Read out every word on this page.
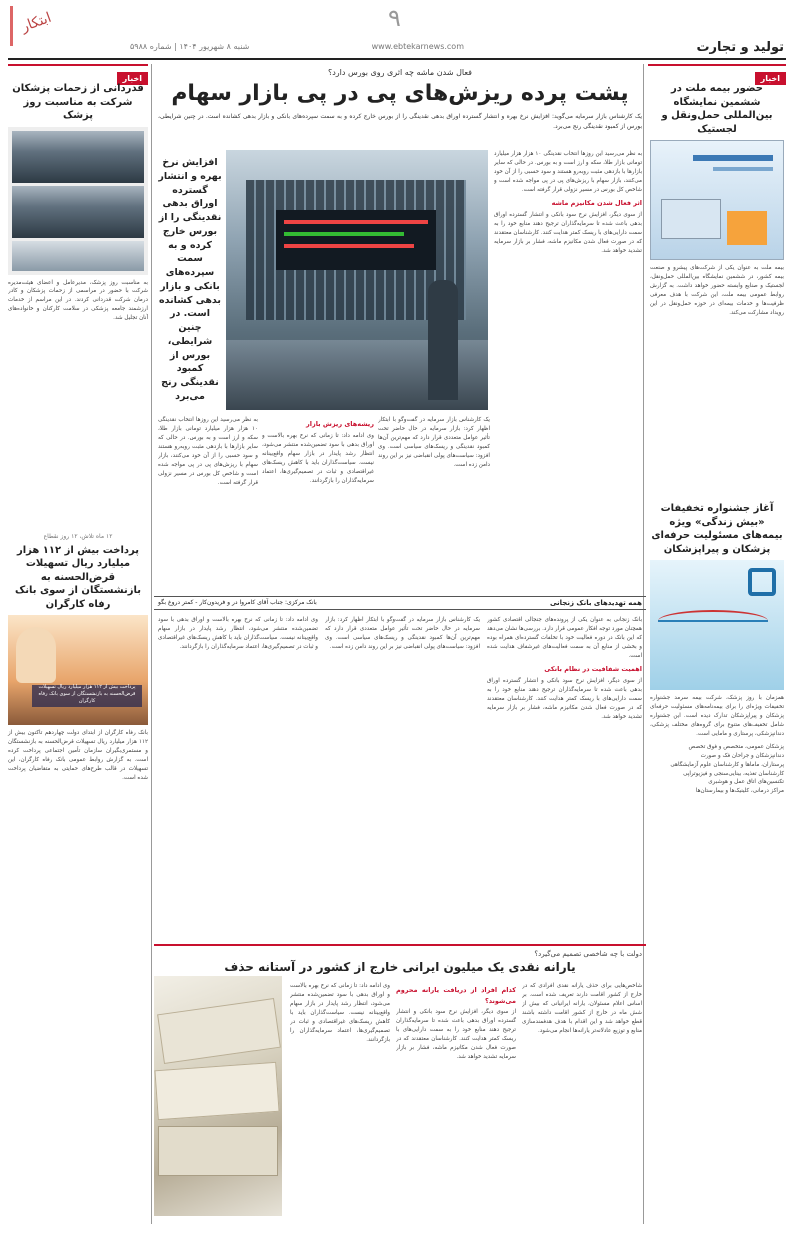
تولید و تجارت
۹
www.ebtekarnews.com
شنبه ۸ شهریور ۱۴۰۴ | شماره ۵۹۸۸
ابتکار
اخبار
حضور بیمه ملت در ششمین نمایشگاه بین‌المللی حمل‌ونقل و لجستیک
بیمه ملت به عنوان یکی از شرکت‌های پیشرو و صنعت بیمه کشور، در ششمین نمایشگاه بین‌المللی حمل‌ونقل، لجستیک و صنایع وابسته حضور خواهد داشت. به گزارش روابط عمومی بیمه ملت، این شرکت با هدف معرفی ظرفیت‌ها و خدمات بیمه‌ای در حوزه حمل‌ونقل در این رویداد مشارکت می‌کند.
آغاز جشنواره تخفیفات «بیش زندگی» ویژه بیمه‌های مسئولیت حرفه‌ای پزشکان و پیراپزشکان
همزمان با روز پزشک، شرکت بیمه سرمد جشنواره تخفیفات ویژه‌ای را برای بیمه‌نامه‌های مسئولیت حرفه‌ای پزشکان و پیراپزشکان تدارک دیده است. این جشنواره شامل تخفیف‌های متنوع برای گروه‌های مختلف پزشکی، دندانپزشکی، پرستاری و مامایی است.
پزشکان عمومی، متخصص و فوق تخصص
دندانپزشکان و جراحان فک و صورت
پرستاران، ماماها و کارشناسان علوم آزمایشگاهی
کارشناسان تغذیه، بینایی‌سنجی و فیزیوتراپی
تکنسین‌های اتاق عمل و هوشبری
مراکز درمانی، کلینیک‌ها و بیمارستان‌ها
اخبار
قدردانی از زحمات پزشکان شرکت به مناسبت روز پزشک
به مناسبت روز پزشک، مدیرعامل و اعضای هیئت‌مدیره شرکت با حضور در مراسمی از زحمات پزشکان و کادر درمان شرکت قدردانی کردند. در این مراسم از خدمات ارزشمند جامعه پزشکی در سلامت کارکنان و خانواده‌های آنان تجلیل شد.
۱۲ ماه تلاش، ۱۲ روز نقطاع
پرداخت بیش از ۱۱۲ هزار میلیارد ریال تسهیلات قرض‌الحسنه به بازنشستگان از سوی بانک رفاه کارگران
پرداخت بیش از ۱۱۲ هزار میلیارد ریال تسهیلات قرض‌الحسنه به بازنشستگان از سوی بانک رفاه کارگران
بانک رفاه کارگران از ابتدای دولت چهاردهم تاکنون بیش از ۱۱۲ هزار میلیارد ریال تسهیلات قرض‌الحسنه به بازنشستگان و مستمری‌بگیران سازمان تأمین اجتماعی پرداخت کرده است. به گزارش روابط عمومی بانک رفاه کارگران، این تسهیلات در قالب طرح‌های حمایتی به متقاضیان پرداخت شده است.
فعال شدن ماشه چه اثری روی بورس دارد؟
پشت پرده ریزش‌های پی در پی بازار سهام
یک کارشناس بازار سرمایه می‌گوید: افزایش نرخ بهره و انتشار گسترده اوراق بدهی نقدینگی را از بورس خارج کرده و به سمت سپرده‌های بانکی و بازار بدهی کشانده است. در چنین شرایطی، بورس از کمبود نقدینگی رنج می‌برد.
به نظر می‌رسید این روزها انتخاب نقدینگی ۱۰ هزار هزار میلیارد تومانی بازار طلا، سکه و ارز است و به بورس. در حالی که سایر بازارها با بازدهی مثبت روبه‌رو هستند و سود حسبی را از آن خود می‌کنند، بازار سهام با ریزش‌های پی در پی مواجه شده است و شاخص کل بورس در مسیر نزولی قرار گرفته است.
اثر فعال شدن مکانیزم ماشه
از سوی دیگر، افزایش نرخ سود بانکی و انتشار گسترده اوراق بدهی باعث شده تا سرمایه‌گذاران ترجیح دهند منابع خود را به سمت دارایی‌های با ریسک کمتر هدایت کنند. کارشناسان معتقدند که در صورت فعال شدن مکانیزم ماشه، فشار بر بازار سرمایه تشدید خواهد شد.
افزایش نرخ بهره و انتشار گسترده اوراق بدهی نقدینگی را از بورس خارج کرده و به سمت سپرده‌های بانکی و بازار بدهی کشانده است. در چنین شرایطی، بورس از کمبود نقدینگی رنج می‌برد
یک کارشناس بازار سرمایه در گفت‌وگو با ابتکار اظهار کرد: بازار سرمایه در حال حاضر تحت تأثیر عوامل متعددی قرار دارد که مهم‌ترین آن‌ها کمبود نقدینگی و ریسک‌های سیاسی است. وی افزود: سیاست‌های پولی انقباضی نیز بر این روند دامن زده است.
ریشه‌های ریزش بازار
وی ادامه داد: تا زمانی که نرخ بهره بالاست و اوراق بدهی با سود تضمین‌شده منتشر می‌شود، انتظار رشد پایدار در بازار سهام واقع‌بینانه نیست. سیاست‌گذاران باید با کاهش ریسک‌های غیراقتصادی و ثبات در تصمیم‌گیری‌ها، اعتماد سرمایه‌گذاران را بازگردانند.
به نظر می‌رسید این روزها انتخاب نقدینگی ۱۰ هزار هزار میلیارد تومانی بازار طلا، سکه و ارز است و به بورس. در حالی که سایر بازارها با بازدهی مثبت روبه‌رو هستند و سود حسبی را از آن خود می‌کنند، بازار سهام با ریزش‌های پی در پی مواجه شده است و شاخص کل بورس در مسیر نزولی قرار گرفته است.
همه تهدیدهای بانک زنجانی
بانک مرکزی: جناب آقای کامروا در و فریدون‌کار - کمتر دروغ بگو
بانک زنجانی به عنوان یکی از پرونده‌های جنجالی اقتصادی کشور همچنان مورد توجه افکار عمومی قرار دارد. بررسی‌ها نشان می‌دهد که این بانک در دوره فعالیت خود با تخلفات گسترده‌ای همراه بوده و بخشی از منابع آن به سمت فعالیت‌های غیرشفاف هدایت شده است.
اهمیت شفافیت در نظام بانکی
از سوی دیگر، افزایش نرخ سود بانکی و انتشار گسترده اوراق بدهی باعث شده تا سرمایه‌گذاران ترجیح دهند منابع خود را به سمت دارایی‌های با ریسک کمتر هدایت کنند. کارشناسان معتقدند که در صورت فعال شدن مکانیزم ماشه، فشار بر بازار سرمایه تشدید خواهد شد.
یک کارشناس بازار سرمایه در گفت‌وگو با ابتکار اظهار کرد: بازار سرمایه در حال حاضر تحت تأثیر عوامل متعددی قرار دارد که مهم‌ترین آن‌ها کمبود نقدینگی و ریسک‌های سیاسی است. وی افزود: سیاست‌های پولی انقباضی نیز بر این روند دامن زده است.
وی ادامه داد: تا زمانی که نرخ بهره بالاست و اوراق بدهی با سود تضمین‌شده منتشر می‌شود، انتظار رشد پایدار در بازار سهام واقع‌بینانه نیست. سیاست‌گذاران باید با کاهش ریسک‌های غیراقتصادی و ثبات در تصمیم‌گیری‌ها، اعتماد سرمایه‌گذاران را بازگردانند.
دولت با چه شاخصی تصمیم می‌گیرد؟
یارانه نقدی یک میلیون ایرانی خارج از کشور در آستانه حذف
شاخص‌هایی برای حذف یارانه نقدی افرادی که در خارج از کشور اقامت دارند تعریف شده است. بر اساس اعلام مسئولان، یارانه ایرانیانی که بیش از شش ماه در خارج از کشور اقامت داشته باشند قطع خواهد شد و این اقدام با هدف هدفمندسازی منابع و توزیع عادلانه‌تر یارانه‌ها انجام می‌شود.
کدام افراد از دریافت یارانه محروم می‌شوند؟
از سوی دیگر، افزایش نرخ سود بانکی و انتشار گسترده اوراق بدهی باعث شده تا سرمایه‌گذاران ترجیح دهند منابع خود را به سمت دارایی‌های با ریسک کمتر هدایت کنند. کارشناسان معتقدند که در صورت فعال شدن مکانیزم ماشه، فشار بر بازار سرمایه تشدید خواهد شد.
وی ادامه داد: تا زمانی که نرخ بهره بالاست و اوراق بدهی با سود تضمین‌شده منتشر می‌شود، انتظار رشد پایدار در بازار سهام واقع‌بینانه نیست. سیاست‌گذاران باید با کاهش ریسک‌های غیراقتصادی و ثبات در تصمیم‌گیری‌ها، اعتماد سرمایه‌گذاران را بازگردانند.
